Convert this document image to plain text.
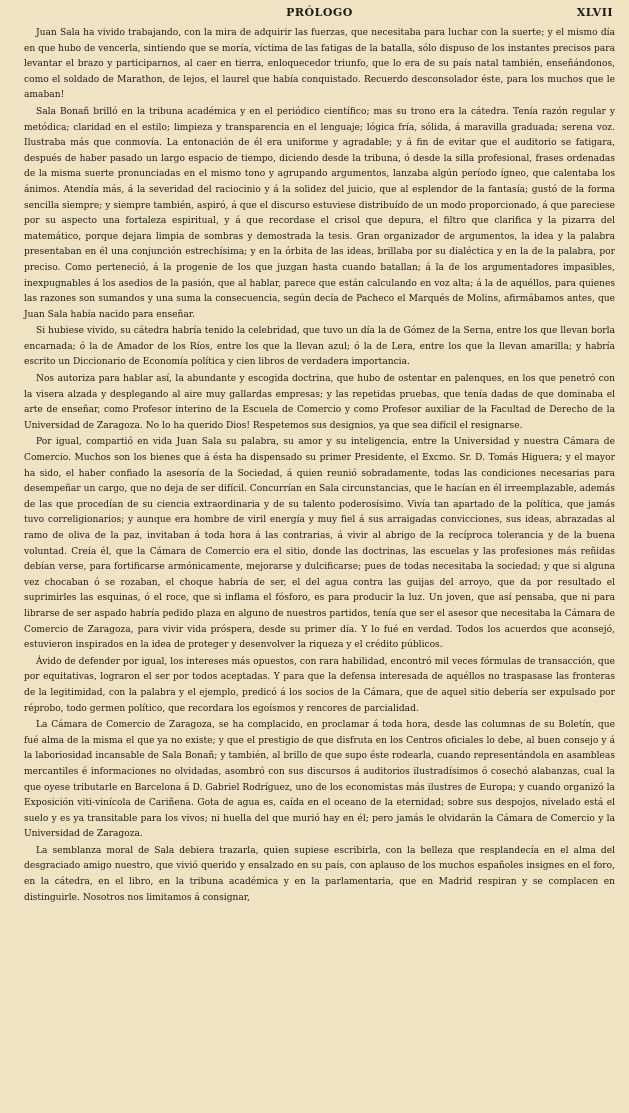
PRÓLOGO	XLVII

Juan Sala ha vivido trabajando, con la mira de adquirir las fuerzas, que necesitaba para luchar con la suerte; y el mismo día en que hubo de vencerla, sintiendo que se moría, víctima de las fatigas de la batalla, sólo dispuso de los instantes precisos para levantar el brazo y participarnos, al caer en tierra, enloquecedor triunfo, que lo era de su país natal también, enseñándonos, como el soldado de Marathon, de lejos, el laurel que había conquistado. Recuerdo desconsolador éste, para los muchos que le amaban!

Sala Bonañ brilló en la tribuna académica y en el periódico científico; mas su trono era la cátedra. Tenía razón regular y metódica; claridad en el estilo; limpieza y transparencia en el lenguaje; lógica fría, sólida, á maravilla graduada; serena voz. Ilustraba más que conmovía. La entonación de él era uniforme y agradable; y á fin de evitar que el auditorio se fatigara, después de haber pasado un largo espacio de tiempo, diciendo desde la tribuna, ó desde la silla profesional, frases ordenadas de la misma suerte pronunciadas en el mismo tono y agrupando argumentos, lanzaba algún período ígneo, que calentaba los ánimos. Atendía más, á la severidad del raciocinio y á la solidez del juicio, que al esplendor de la fantasía; gustó de la forma sencilla siempre; y siempre también, aspiró, á que el discurso estuviese distribuído de un modo proporcionado, á que pareciese por su aspecto una fortaleza espiritual, y á que recordase el crisol que depura, el filtro que clarifica y la pizarra del matemático, porque dejara limpia de sombras y demostrada la tesis. Gran organizador de argumentos, la idea y la palabra presentaban en él una conjunción estrechísima; y en la órbita de las ideas, brillaba por su dialéctica y en la de la palabra, por preciso. Como perteneció, á la progenie de los que juzgan hasta cuando batallan; á la de los argumentadores impasibles, inexpugnables á los asedios de la pasión, que al hablar, parece que están calculando en voz alta; á la de aquéllos, para quienes las razones son sumandos y una suma la consecuencia, según decía de Pacheco el Marqués de Molins, afirmábamos antes, que Juan Sala había nacido para enseñar.

Si hubiese vivido, su cátedra habría tenido la celebridad, que tuvo un día la de Gómez de la Serna, entre los que llevan borla encarnada; ó la de Amador de los Ríos, entre los que la llevan azul; ó la de Lera, entre los que la llevan amarilla; y habría escrito un Diccionario de Economía política y cien libros de verdadera importancia.

Nos autoriza para hablar así, la abundante y escogida doctrina, que hubo de ostentar en palenques, en los que penetró con la visera alzada y desplegando al aire muy gallardas empresas; y las repetidas pruebas, que tenía dadas de que dominaba el arte de enseñar, como Profesor interino de la Escuela de Comercio y como Profesor auxiliar de la Facultad de Derecho de la Universidad de Zaragoza. No lo ha querido Dios! Respetemos sus designios, ya que sea difícil el resignarse.

Por igual, compartió en vida Juan Sala su palabra, su amor y su inteligencia, entre la Universidad y nuestra Cámara de Comercio. Muchos son los bienes que á ésta ha dispensado su primer Presidente, el Excmo. Sr. D. Tomás Higuera; y el mayor ha sido, el haber confiado la asesoría de la Sociedad, á quien reunió sobradamente, todas las condiciones necesarias para desempeñar un cargo, que no deja de ser difícil. Concurrían en Sala circunstancias, que le hacían en él irreemplazable, además de las que procedían de su ciencia extraordinaria y de su talento poderosísimo. Vivía tan apartado de la política, que jamás tuvo correligionarios; y aunque era hombre de viril energía y muy fiel á sus arraigadas convicciones, sus ideas, abrazadas al ramo de oliva de la paz, invitaban á toda hora á las contrarias, á vivir al abrigo de la recíproca tolerancia y de la buena voluntad. Creía él, que la Cámara de Comercio era el sitio, donde las doctrinas, las escuelas y las profesiones más reñidas debían verse, para fortificarse armónicamente, mejorarse y dulcificarse; pues de todas necesitaba la sociedad; y que si alguna vez chocaban ó se rozaban, el choque habría de ser, el del agua contra las guijas del arroyo, que da por resultado el suprimirles las esquinas, ó el roce, que si inflama el fósforo, es para producir la luz. Un joven, que así pensaba, que ni para librarse de ser aspado habría pedido plaza en alguno de nuestros partidos, tenía que ser el asesor que necesitaba la Cámara de Comercio de Zaragoza, para vivir vida próspera, desde su primer día. Y lo fué en verdad. Todos los acuerdos que aconsejó, estuvieron inspirados en la idea de proteger y desenvolver la riqueza y el crédito públicos.

Ávido de defender por igual, los intereses más opuestos, con rara habilidad, encontró mil veces fórmulas de transacción, que por equitativas, lograron el ser por todos aceptadas. Y para que la defensa interesada de aquéllos no traspasase las fronteras de la legitimidad, con la palabra y el ejemplo, predicó á los socios de la Cámara, que de aquel sitio debería ser expulsado por réprobo, todo germen político, que recordara los egoísmos y rencores de parcialidad.

La Cámara de Comercio de Zaragoza, se ha complacido, en proclamar á toda hora, desde las columnas de su Boletín, que fué alma de la misma el que ya no existe; y que el prestigio de que disfruta en los Centros oficiales lo debe, al buen consejo y á la laboriosidad incansable de Sala Bonañ; y también, al brillo de que supo éste rodearla, cuando representándola en asambleas mercantiles é informaciones no olvidadas, asombró con sus discursos á auditorios ilustradísimos ó cosechó alabanzas, cual la que oyese tributarle en Barcelona á D. Gabriel Rodríguez, uno de los economistas más ilustres de Europa; y cuando organizó la Exposición viti-vinícola de Cariñena. Gota de agua es, caída en el oceano de la eternidad; sobre sus despojos, nivelado está el suelo y es ya transitable para los vivos; ni huella del que murió hay en él; pero jamás le olvidarán la Cámara de Comercio y la Universidad de Zaragoza.

La semblanza moral de Sala debiera trazarla, quien supiese escribirla, con la belleza que resplandecía en el alma del desgraciado amigo nuestro, que vivió querido y ensalzado en su país, con aplauso de los muchos españoles insignes en el foro, en la cátedra, en el libro, en la tribuna académica y en la parlamentaria, que en Madrid respiran y se complacen en distinguirle. Nosotros nos limitamos á consignar,
